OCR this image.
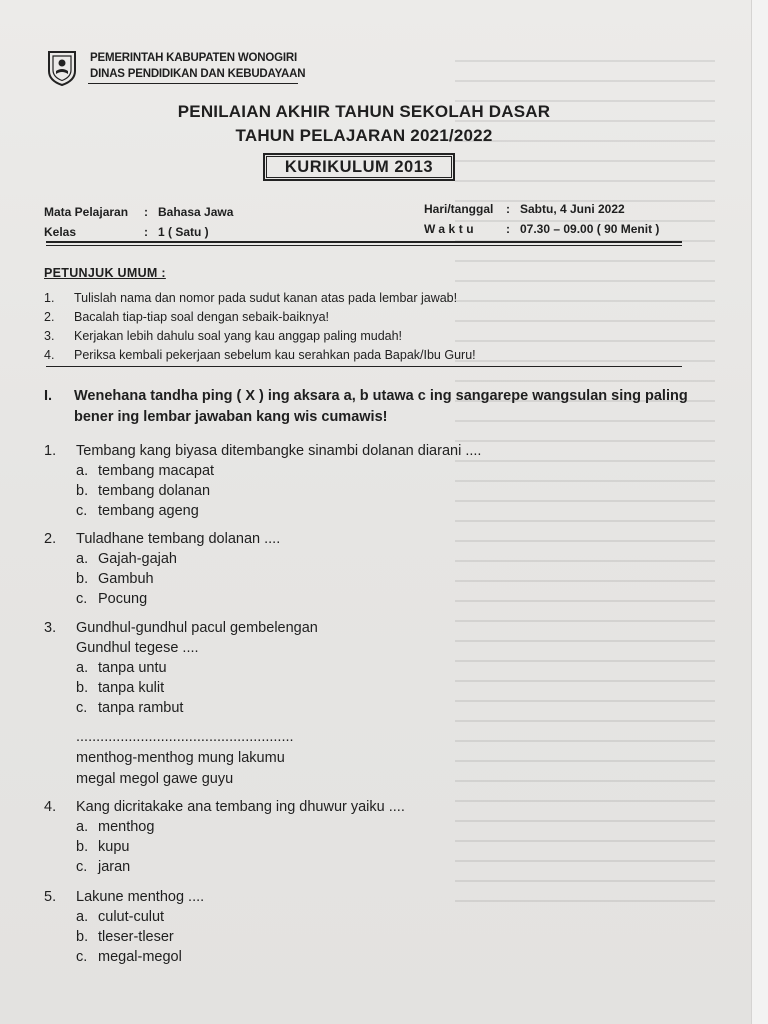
PEMERINTAH KABUPATEN WONOGIRI
DINAS PENDIDIKAN DAN KEBUDAYAAN
PENILAIAN AKHIR TAHUN SEKOLAH DASAR
TAHUN PELAJARAN 2021/2022
KURIKULUM 2013
Mata Pelajaran : Bahasa Jawa
Kelas	: 1 ( Satu )
Hari/tanggal : Sabtu, 4 Juni 2022
Waktu : 07.30 – 09.00 ( 90 Menit )
PETUNJUK UMUM :
1.	Tulislah nama dan nomor pada sudut kanan atas pada lembar jawab!
2.	Bacalah tiap-tiap soal dengan sebaik-baiknya!
3.	Kerjakan lebih dahulu soal yang kau anggap paling mudah!
4.	Periksa kembali pekerjaan sebelum kau serahkan pada Bapak/Ibu Guru!
I. Wenehana tandha ping ( X ) ing aksara a, b utawa c ing sangarepe wangsulan sing paling bener ing lembar jawaban kang wis cumawis!
1. Tembang kang biyasa ditembangke sinambi dolanan diarani ....
a. tembang macapat
b. tembang dolanan
c. tembang ageng
2. Tuladhane tembang dolanan ....
a. Gajah-gajah
b. Gambuh
c. Pocung
3. Gundhul-gundhul pacul gembelengan
Gundhul tegese ....
a. tanpa untu
b. tanpa kulit
c. tanpa rambut
......................................................
menthog-menthog mung lakumu
megal megol gawe guyu
4. Kang dicritakake ana tembang ing dhuwur yaiku ....
a. menthog
b. kupu
c. jaran
5. Lakune menthog ....
a. culut-culut
b. tleser-tleser
c. megal-megol
